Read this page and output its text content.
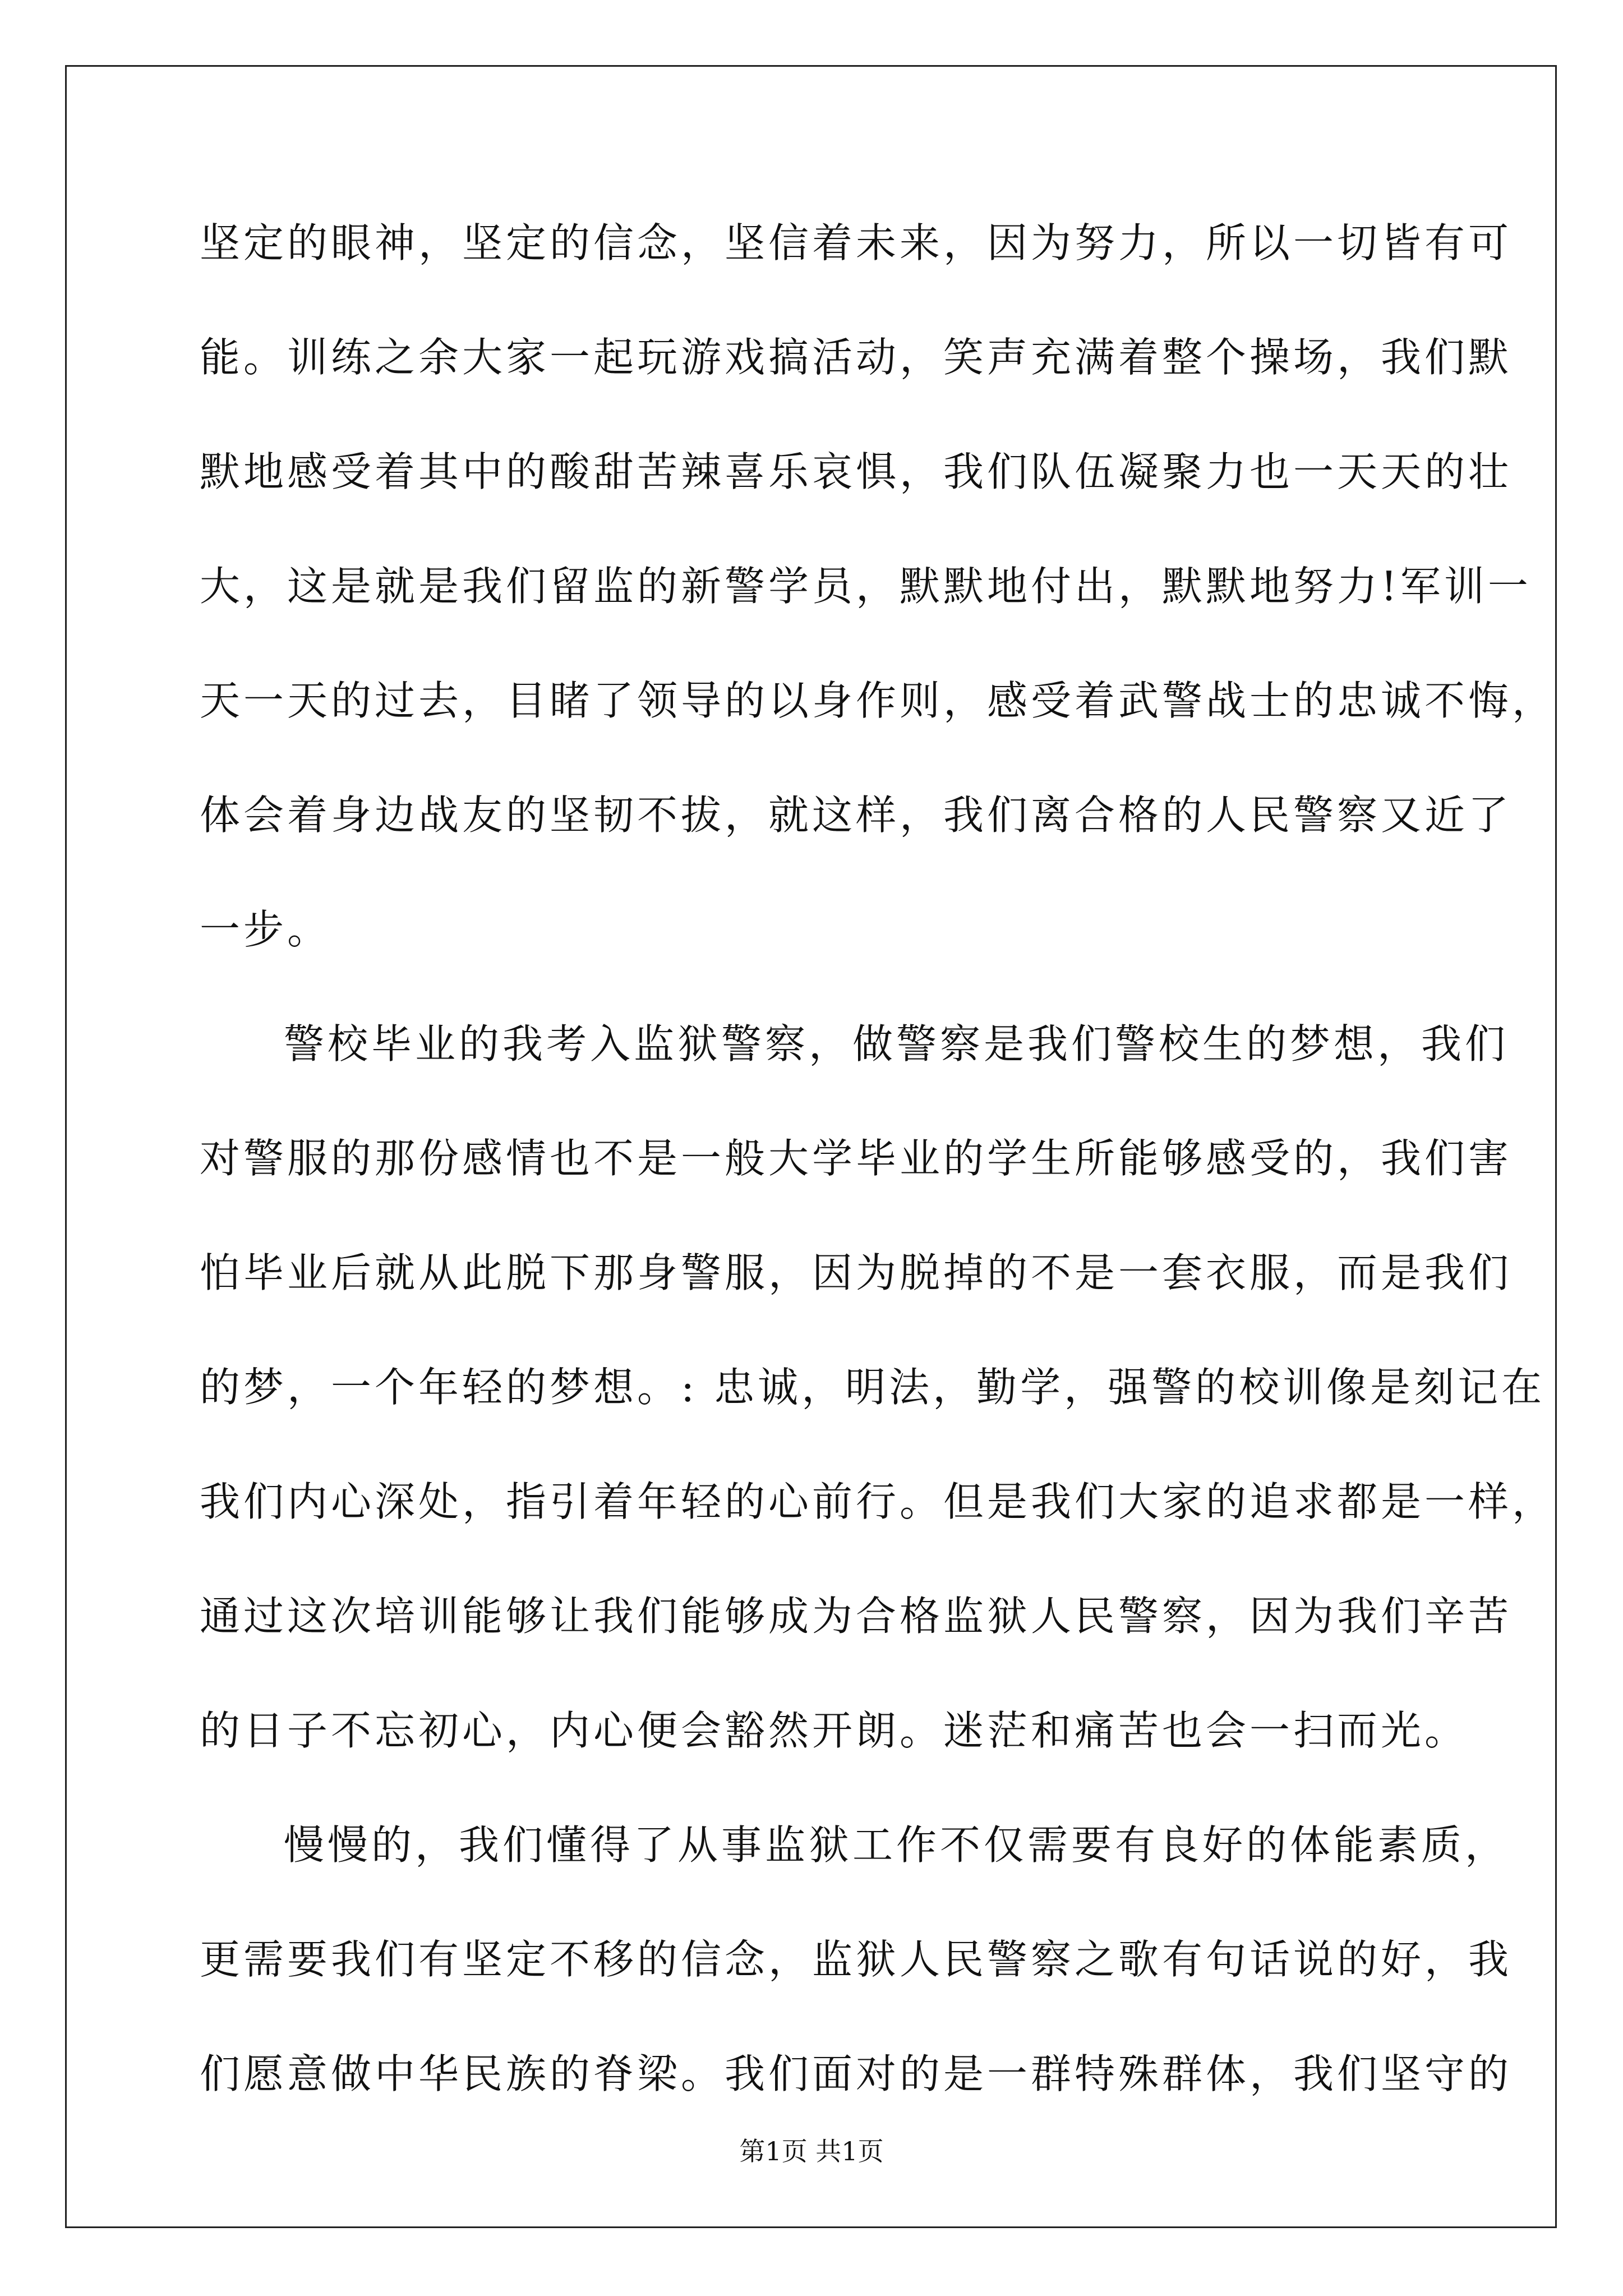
坚定的眼神，坚定的信念，坚信着未来，因为努力，所以一切皆有可
能。训练之余大家一起玩游戏搞活动，笑声充满着整个操场，我们默
默地感受着其中的酸甜苦辣喜乐哀惧，我们队伍凝聚力也一天天的壮
大，这是就是我们留监的新警学员，默默地付出，默默地努力!军训一
天一天的过去，目睹了领导的以身作则，感受着武警战士的忠诚不悔，
体会着身边战友的坚韧不拔，就这样，我们离合格的人民警察又近了
一步。
警校毕业的我考入监狱警察，做警察是我们警校生的梦想，我们
对警服的那份感情也不是一般大学毕业的学生所能够感受的，我们害
怕毕业后就从此脱下那身警服，因为脱掉的不是一套衣服，而是我们
的梦，一个年轻的梦想。: 忠诚，明法，勤学，强警的校训像是刻记在
我们内心深处，指引着年轻的心前行。但是我们大家的追求都是一样，
通过这次培训能够让我们能够成为合格监狱人民警察，因为我们辛苦
的日子不忘初心，内心便会豁然开朗。迷茫和痛苦也会一扫而光。
慢慢的，我们懂得了从事监狱工作不仅需要有良好的体能素质，
更需要我们有坚定不移的信念，监狱人民警察之歌有句话说的好，我
们愿意做中华民族的脊梁。我们面对的是一群特殊群体，我们坚守的
第1页 共1页
